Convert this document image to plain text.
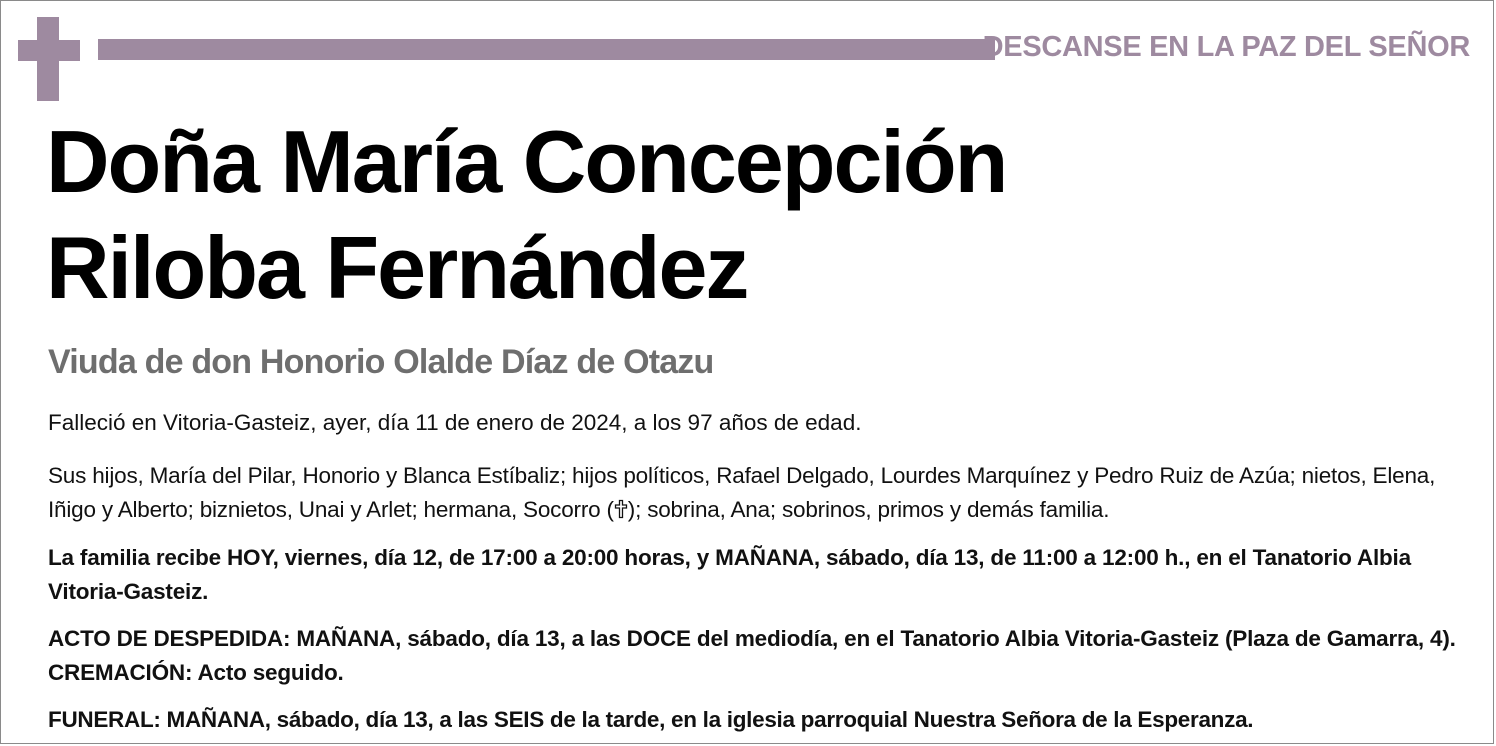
DESCANSE EN LA PAZ DEL SEÑOR
Doña María Concepción
Riloba Fernández
Viuda de don Honorio Olalde Díaz de Otazu

Falleció en Vitoria-Gasteiz, ayer, día 11 de enero de 2024, a los 97 años de edad.

Sus hijos, María del Pilar, Honorio y Blanca Estíbaliz; hijos políticos, Rafael Delgado, Lourdes Marquínez y Pedro Ruiz de Azúa; nietos, Elena, Iñigo y Alberto; biznietos, Unai y Arlet; hermana, Socorro ( ); sobrina, Ana; sobrinos, primos y demás familia.

La familia recibe HOY, viernes, día 12, de 17:00 a 20:00 horas, y MAÑANA, sábado, día 13, de 11:00 a 12:00 h., en el Tanatorio Albia Vitoria-Gasteiz.

ACTO DE DESPEDIDA: MAÑANA, sábado, día 13, a las DOCE del mediodía, en el Tanatorio Albia Vitoria-Gasteiz (Plaza de Gamarra, 4). CREMACIÓN: Acto seguido.

FUNERAL: MAÑANA, sábado, día 13, a las SEIS de la tarde, en la iglesia parroquial Nuestra Señora de la Esperanza.
